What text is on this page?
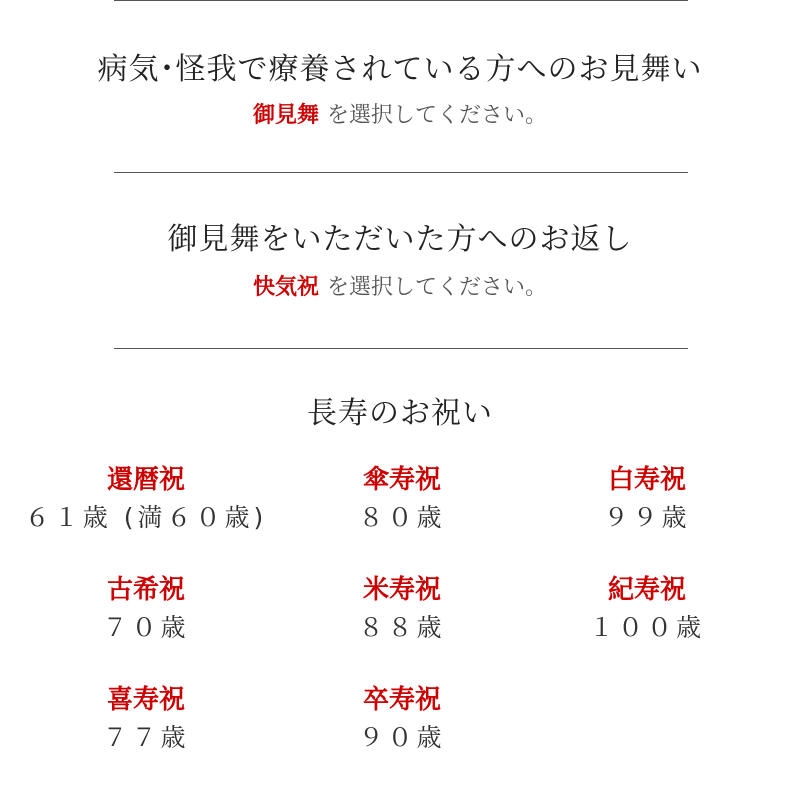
病気･怪我で療養されている方へのお見舞い
御見舞 を選択してください。
御見舞をいただいた方へのお返し
快気祝 を選択してください。
長寿のお祝い
還暦祝
６１歳 (満６０歳)
傘寿祝
８０歳
白寿祝
９９歳
古希祝
７０歳
米寿祝
８８歳
紀寿祝
１００歳
喜寿祝
７７歳
卒寿祝
９０歳
